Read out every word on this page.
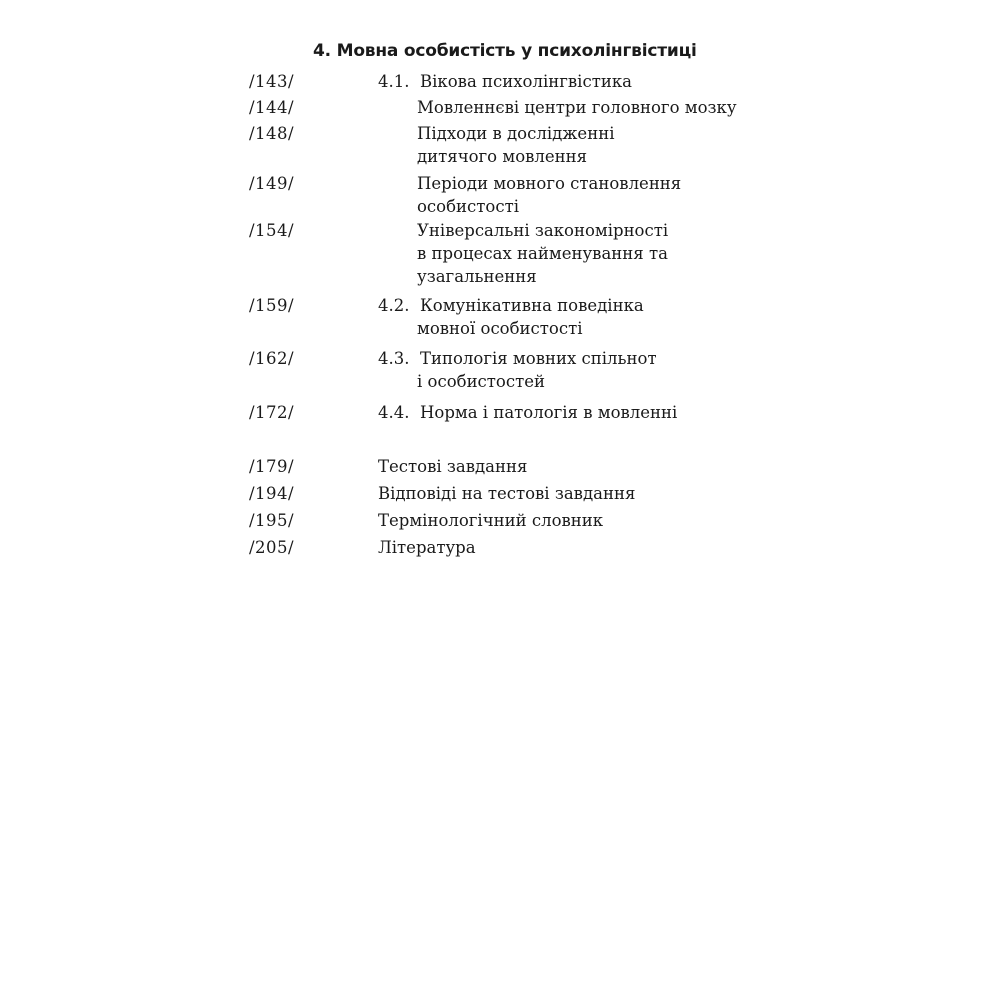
4. Мовна особистість у психолінгвістиці
/143/	4.1. Вікова психолінгвістика
/144/	Мовленнєві центри головного мозку
/148/	Підходи в дослідженні
дитячого мовлення
/149/	Періоди мовного становлення
особистості
/154/	Універсальні закономірності
в процесах найменування та
узагальнення
/159/	4.2. Комунікативна поведінка
мовної особистості
/162/	4.3. Типологія мовних спільнот
і особистостей
/172/	4.4. Норма і патологія в мовленні
/179/	Тестові завдання
/194/	Відповіді на тестові завдання
/195/	Термінологічний словник
/205/	Література
